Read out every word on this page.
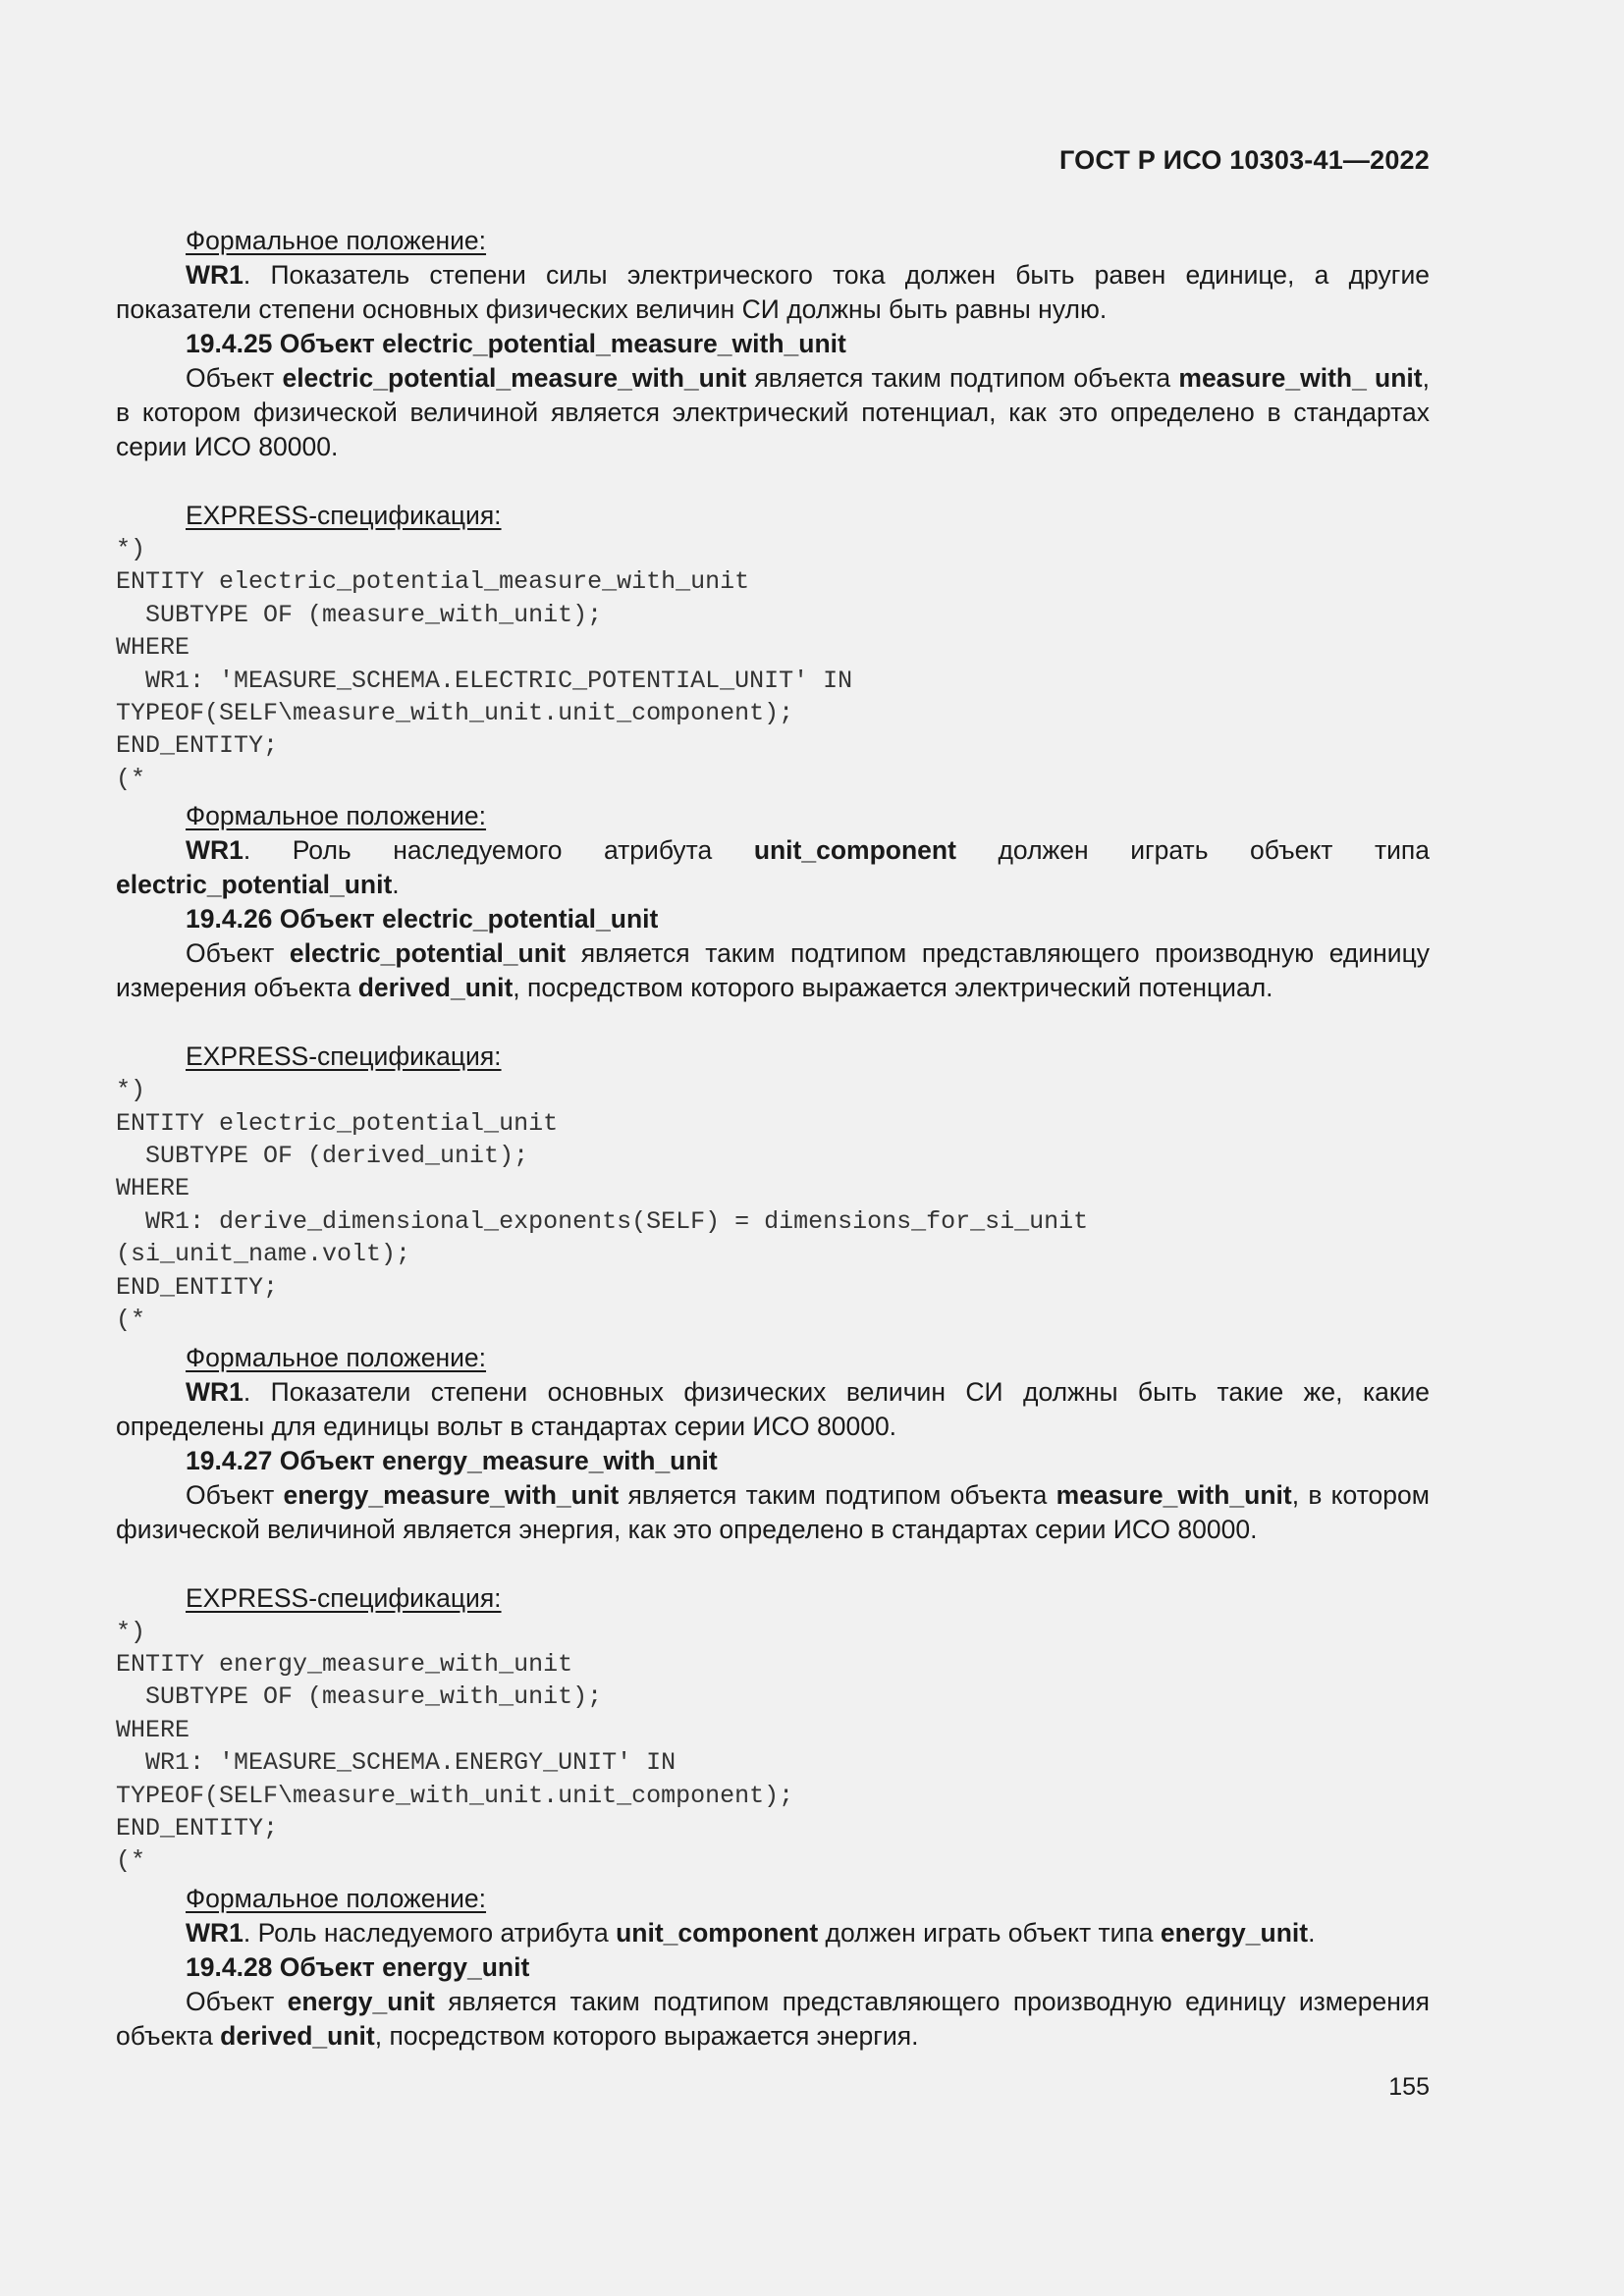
ГОСТ Р ИСО 10303-41—2022

Формальное положение:

WR1. Показатель степени силы электрического тока должен быть равен единице, а другие показатели степени основных физических величин СИ должны быть равны нулю.

19.4.25 Объект electric_potential_measure_with_unit

Объект electric_potential_measure_with_unit является таким подтипом объекта measure_with_ unit, в котором физической величиной является электрический потенциал, как это определено в стандартах серии ИСО 80000.

EXPRESS-спецификация:

*)
ENTITY electric_potential_measure_with_unit
SUBTYPE OF (measure_with_unit);
WHERE
WR1: 'MEASURE_SCHEMA.ELECTRIC_POTENTIAL_UNIT' IN
TYPEOF(SELF\measure_with_unit.unit_component);
END_ENTITY;
(*

Формальное положение:

WR1. Роль наследуемого атрибута unit_component должен играть объект типа electric_potential_unit.

19.4.26 Объект electric_potential_unit

Объект electric_potential_unit является таким подтипом представляющего производную единицу измерения объекта derived_unit, посредством которого выражается электрический потенциал.

EXPRESS-спецификация:

*)
ENTITY electric_potential_unit
SUBTYPE OF (derived_unit);
WHERE
WR1: derive_dimensional_exponents(SELF) = dimensions_for_si_unit
(si_unit_name.volt);
END_ENTITY;
(*

Формальное положение:

WR1. Показатели степени основных физических величин СИ должны быть такие же, какие определены для единицы вольт в стандартах серии ИСО 80000.

19.4.27 Объект energy_measure_with_unit

Объект energy_measure_with_unit является таким подтипом объекта measure_with_unit, в котором физической величиной является энергия, как это определено в стандартах серии ИСО 80000.

EXPRESS-спецификация:

*)
ENTITY energy_measure_with_unit
SUBTYPE OF (measure_with_unit);
WHERE
WR1: 'MEASURE_SCHEMA.ENERGY_UNIT' IN
TYPEOF(SELF\measure_with_unit.unit_component);
END_ENTITY;
(*

Формальное положение:

WR1. Роль наследуемого атрибута unit_component должен играть объект типа energy_unit.

19.4.28 Объект energy_unit

Объект energy_unit является таким подтипом представляющего производную единицу измерения объекта derived_unit, посредством которого выражается энергия.

155
